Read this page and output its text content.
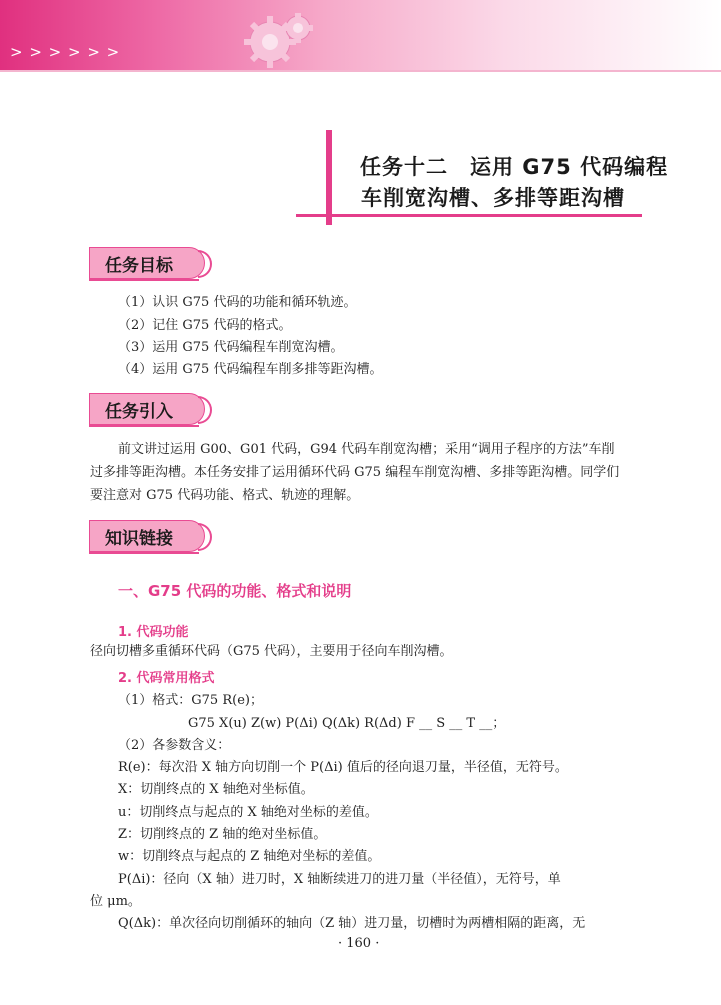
> > > > > >
任务十二　运用 G75 代码编程
车削宽沟槽、多排等距沟槽
任务目标
（1）认识 G75 代码的功能和循环轨迹。
（2）记住 G75 代码的格式。
（3）运用 G75 代码编程车削宽沟槽。
（4）运用 G75 代码编程车削多排等距沟槽。
任务引入
前文讲过运用 G00、G01 代码，G94 代码车削宽沟槽；采用“调用子程序的方法”车削
过多排等距沟槽。本任务安排了运用循环代码 G75 编程车削宽沟槽、多排等距沟槽。同学们
要注意对 G75 代码功能、格式、轨迹的理解。
知识链接
一、G75 代码的功能、格式和说明
1. 代码功能
径向切槽多重循环代码（G75 代码），主要用于径向车削沟槽。
2. 代码常用格式
（1）格式：G75 R(e)；
G75 X(u) Z(w) P(Δi) Q(Δk) R(Δd) F __ S __ T __；
（2）各参数含义：
R(e)：每次沿 X 轴方向切削一个 P(Δi) 值后的径向退刀量，半径值，无符号。
X：切削终点的 X 轴绝对坐标值。
u：切削终点与起点的 X 轴绝对坐标的差值。
Z：切削终点的 Z 轴的绝对坐标值。
w：切削终点与起点的 Z 轴绝对坐标的差值。
P(Δi)：径向（X 轴）进刀时，X 轴断续进刀的进刀量（半径值），无符号，单
位 μm。
Q(Δk)：单次径向切削循环的轴向（Z 轴）进刀量，切槽时为两槽相隔的距离，无
· 160 ·
